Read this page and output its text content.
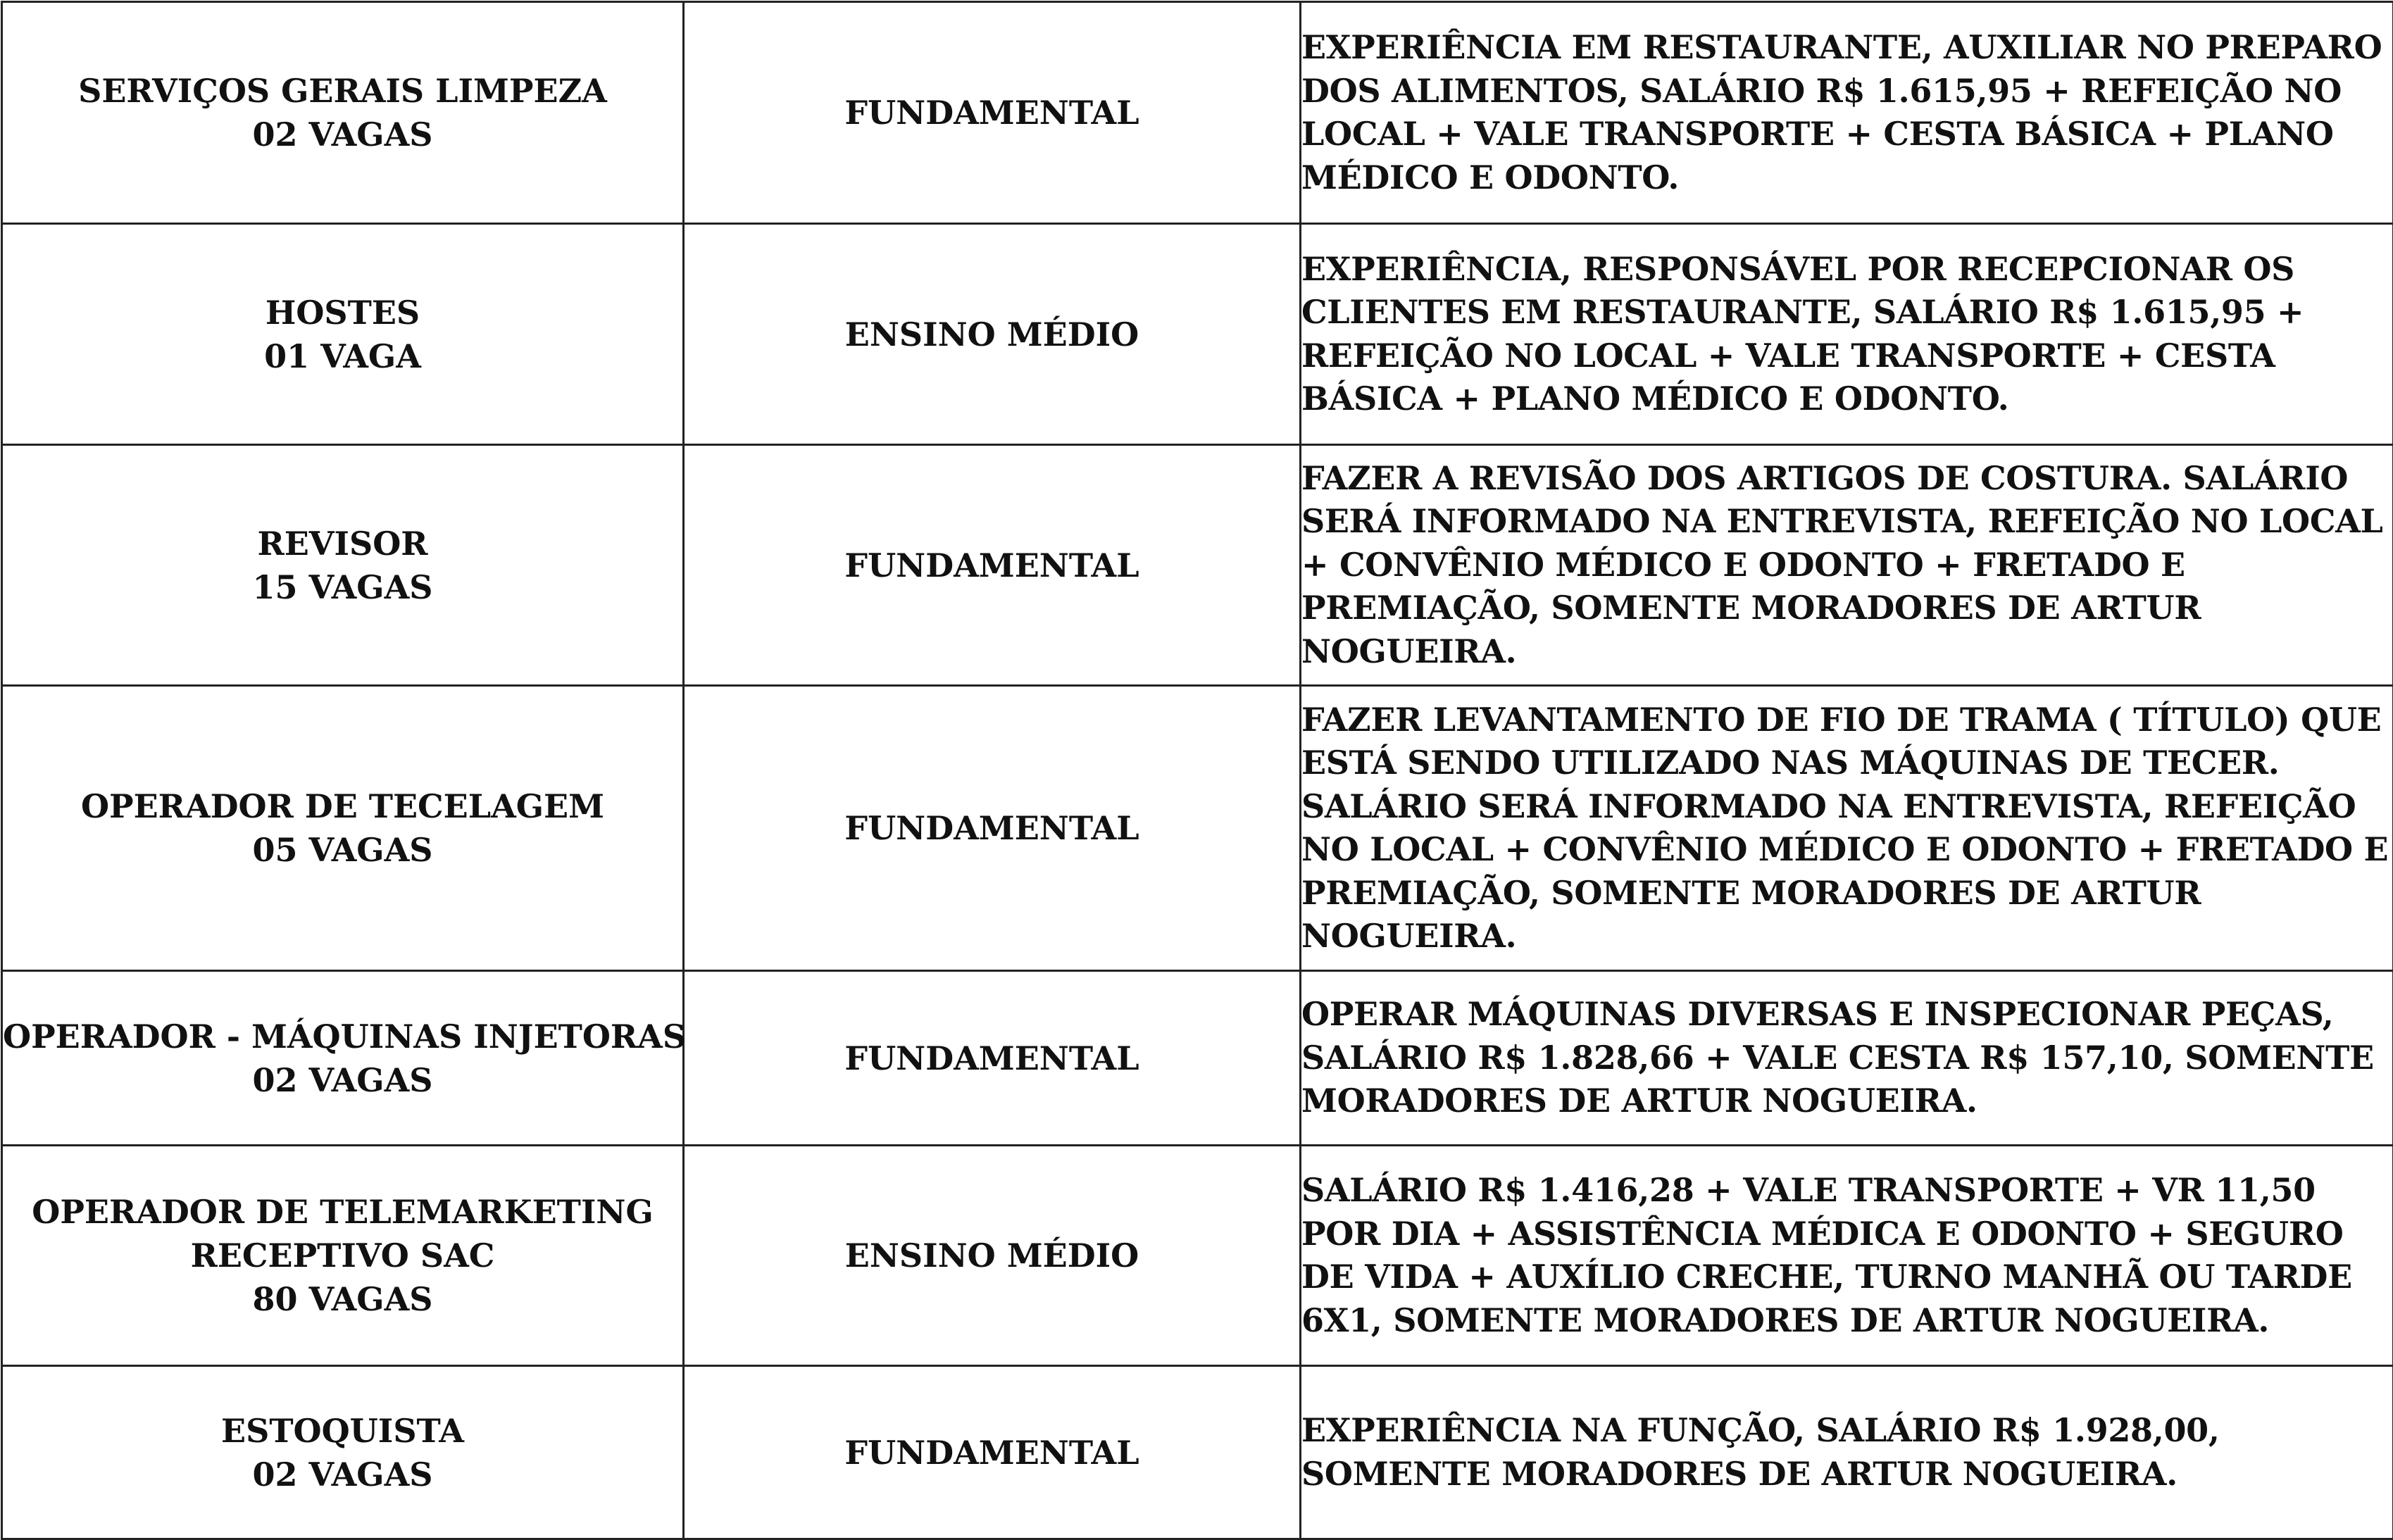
SERVIÇOS GERAIS LIMPEZA
02 VAGAS	FUNDAMENTAL	EXPERIÊNCIA EM RESTAURANTE, AUXILIAR NO PREPARO DOS ALIMENTOS, SALÁRIO R$ 1.615,95 + REFEIÇÃO NO LOCAL + VALE TRANSPORTE + CESTA BÁSICA + PLANO MÉDICO E ODONTO.

HOSTES
01 VAGA	ENSINO MÉDIO	EXPERIÊNCIA, RESPONSÁVEL POR RECEPCIONAR OS CLIENTES EM RESTAURANTE, SALÁRIO R$ 1.615,95 + REFEIÇÃO NO LOCAL + VALE TRANSPORTE + CESTA BÁSICA + PLANO MÉDICO E ODONTO.

REVISOR
15 VAGAS	FUNDAMENTAL	FAZER A REVISÃO DOS ARTIGOS DE COSTURA. SALÁRIO SERÁ INFORMADO NA ENTREVISTA, REFEIÇÃO NO LOCAL + CONVÊNIO MÉDICO E ODONTO + FRETADO E PREMIAÇÃO, SOMENTE MORADORES DE ARTUR NOGUEIRA.

OPERADOR DE TECELAGEM
05 VAGAS	FUNDAMENTAL	FAZER LEVANTAMENTO DE FIO DE TRAMA ( TÍTULO) QUE ESTÁ SENDO UTILIZADO NAS MÁQUINAS DE TECER. SALÁRIO SERÁ INFORMADO NA ENTREVISTA, REFEIÇÃO NO LOCAL + CONVÊNIO MÉDICO E ODONTO + FRETADO E PREMIAÇÃO, SOMENTE MORADORES DE ARTUR NOGUEIRA.

OPERADOR - MÁQUINAS INJETORAS
02 VAGAS	FUNDAMENTAL	OPERAR MÁQUINAS DIVERSAS E INSPECIONAR PEÇAS, SALÁRIO R$ 1.828,66 + VALE CESTA R$ 157,10, SOMENTE MORADORES DE ARTUR NOGUEIRA.

OPERADOR DE TELEMARKETING
RECEPTIVO SAC
80 VAGAS	ENSINO MÉDIO	SALÁRIO R$ 1.416,28 + VALE TRANSPORTE + VR 11,50 POR DIA + ASSISTÊNCIA MÉDICA E ODONTO + SEGURO DE VIDA + AUXÍLIO CRECHE, TURNO MANHÃ OU TARDE 6X1, SOMENTE MORADORES DE ARTUR NOGUEIRA.

ESTOQUISTA
02 VAGAS	FUNDAMENTAL	EXPERIÊNCIA NA FUNÇÃO, SALÁRIO R$ 1.928,00, SOMENTE MORADORES DE ARTUR NOGUEIRA.
